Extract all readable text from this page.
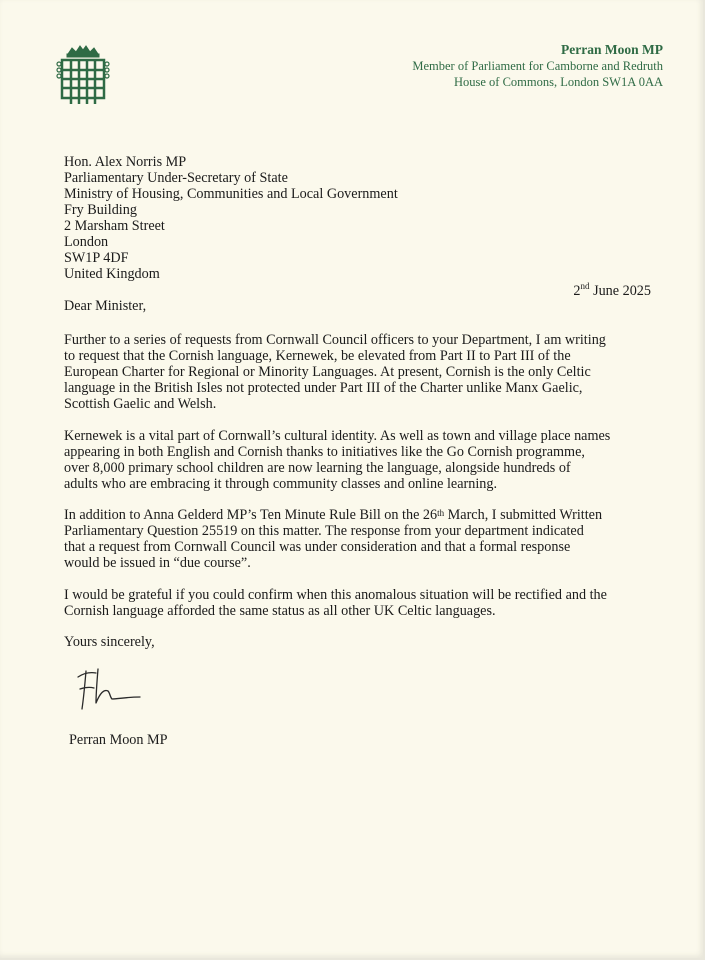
Perran Moon MP
Member of Parliament for Camborne and Redruth
House of Commons, London SW1A 0AA
Hon. Alex Norris MP
Parliamentary Under-Secretary of State
Ministry of Housing, Communities and Local Government
Fry Building
2 Marsham Street
London
SW1P 4DF
United Kingdom
2nd June 2025
Dear Minister,
Further to a series of requests from Cornwall Council officers to your Department, I am writing
to request that the Cornish language, Kernewek, be elevated from Part II to Part III of the
European Charter for Regional or Minority Languages. At present, Cornish is the only Celtic
language in the British Isles not protected under Part III of the Charter unlike Manx Gaelic,
Scottish Gaelic and Welsh.
Kernewek is a vital part of Cornwall’s cultural identity. As well as town and village place names
appearing in both English and Cornish thanks to initiatives like the Go Cornish programme,
over 8,000 primary school children are now learning the language, alongside hundreds of
adults who are embracing it through community classes and online learning.
In addition to Anna Gelderd MP’s Ten Minute Rule Bill on the 26th March, I submitted Written
Parliamentary Question 25519 on this matter. The response from your department indicated
that a request from Cornwall Council was under consideration and that a formal response
would be issued in “due course”.
I would be grateful if you could confirm when this anomalous situation will be rectified and the
Cornish language afforded the same status as all other UK Celtic languages.
Yours sincerely,
Perran Moon MP
